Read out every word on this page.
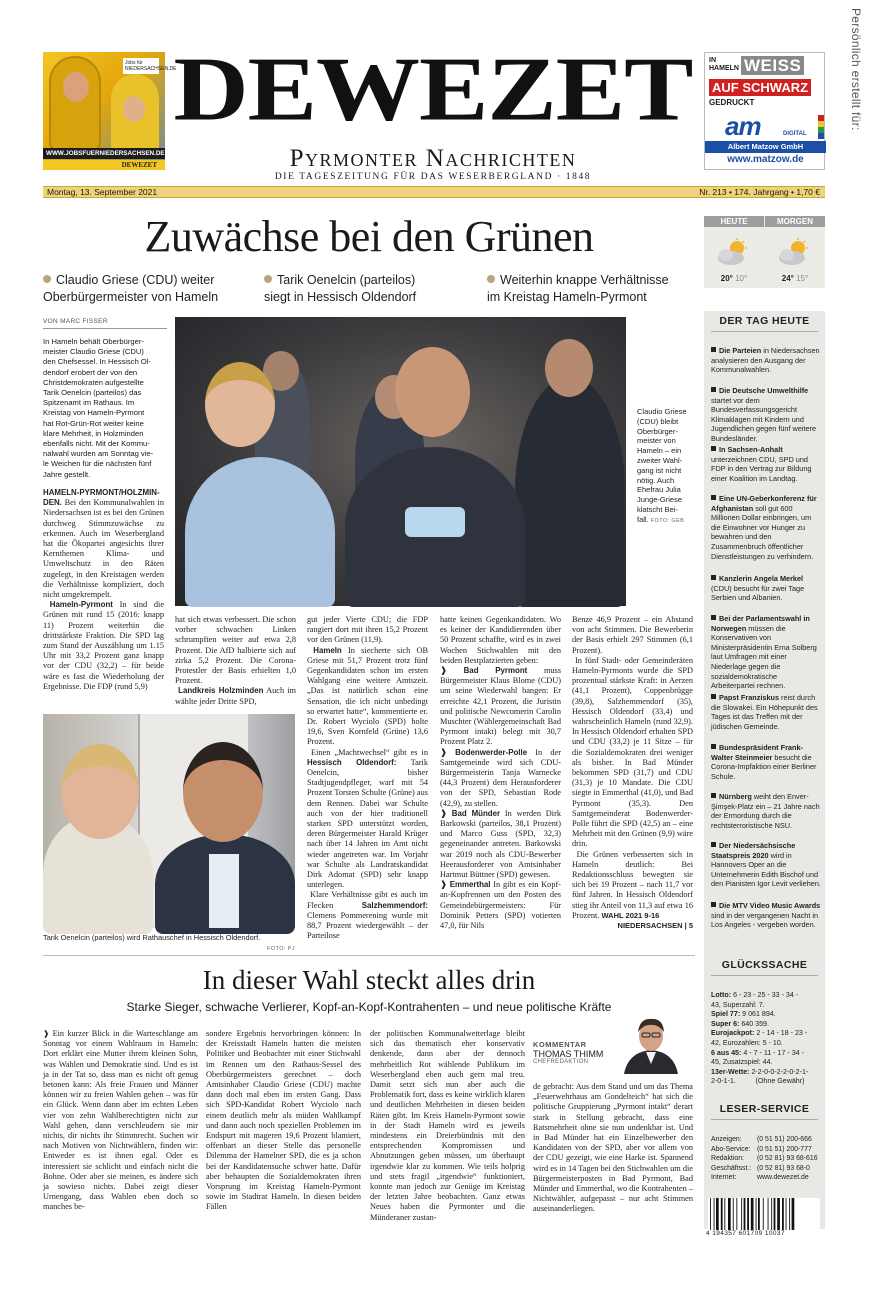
Persönlich erstellt für:
Jobs für NIEDERSACHSEN.DE
WWW.JOBSFUERNIEDERSACHSEN.DE
DEWEZET
IN HAMELN WEISS
AUF SCHWARZ
GEDRUCKT
am	DIGITAL
Albert Matzow GmbH
www.matzow.de
DEWEZET
Pyrmonter Nachrichten
DIE TAGESZEITUNG FÜR DAS WESERBERGLAND · 1848
Montag, 13. September 2021	Nr. 213 • 174. Jahrgang • 1,70 €
Zuwächse bei den Grünen
Claudio Griese (CDU) weiter
Oberbürgermeister von Hameln
Tarik Oenelcin (parteilos)
siegt in Hessisch Oldendorf
Weiterhin knappe Verhältnisse
im Kreistag Hameln-Pyrmont
VON MARC FISSER
In Hameln behält Oberbürger-
meister Claudio Griese (CDU)
den Chefsessel. In Hessisch Ol-
dendorf erobert der von den
Christdemokraten aufgestellte
Tarik Oenelcin (parteilos) das
Spitzenamt im Rathaus. Im
Kreistag von Hameln-Pyrmont
hat Rot-Grün-Rot weiter keine
klare Mehrheit, in Holzminden
ebenfalls nicht. Mit der Kommu-
nalwahl wurden am Sonntag vie-
le Weichen für die nächsten fünf
Jahre gestellt.
Claudio Griese
(CDU) bleibt
Oberbürger-
meister von
Hameln – ein
zweiter Wahl-
gang ist nicht
nötig. Auch
Ehefrau Julia
Junge-Griese
klatscht Bei-
fall. FOTO: GEB

HAMELN-PYRMONT/HOLZMIN-DEN. Bei den Kommunalwahlen in Niedersachsen ist es bei den Grünen durchweg Stimmzuwächse zu erkennen. Auch im Weserbergland hat die Ökopartei angesichts ihrer Kernthemen Klima- und Umweltschutz in den Räten zugelegt, in den Kreistagen werden die Verhältnisse kompliziert, doch nicht umgekrempelt.

Hameln-Pyrmont In sind die Grünen mit rund 15 (2016: knapp 11) Prozent weiterhin die drittstärkste Fraktion. Die SPD lag zum Stand der Auszählung um 1.15 Uhr mit 33,2 Prozent ganz knapp vor der CDU (32,2) – für beide wäre es fast die Wiederholung der Ergebnisse. Die FDP (rund 5,9)

Tarik Oenelcin (parteilos) wird Rathauschef in Hessisch Oldendorf.
FOTO: PJ

hat sich etwas verbessert. Die schon vorher schwachen Linken schrumpften weiter auf etwa 2,8 Prozent. Die AfD halbierte sich auf zirka 5,2 Prozent. Die Corona-Protestler der Basis erhielten 1,0 Prozent.

Landkreis Holzminden Auch im wählte jeder Dritte SPD,

gut jeder Vierte CDU; die FDP rangiert dort mit ihren 15,2 Prozent vor den Grünen (11,9).

Hameln In siecherte sich OB Griese mit 51,7 Prozent trotz fünf Gegenkandidaten schon im ersten Wahlgang eine weitere Amtszeit. „Das ist natürlich schon eine Sensation, die ich nicht unbedingt so erwartet hatte“, kommentierte er. Dr. Robert Wyciolo (SPD) holte 19,6, Sven Kornfeld (Grüne) 13,6 Prozent.

Einen „Machtwechsel“ gibt es in Hessisch Oldendorf: Tarik Oenelcin, bisher Stadtjugendpfleger, warf mit 54 Prozent Torsten Schulte (Grüne) aus dem Rennen. Dabei war Schulte auch von der hier traditionell starken SPD unterstützt worden, deren Bürgermeister Harald Krüger nach über 14 Jahren im Amt nicht wieder angetreten war. Im Vorjahr war Schulte als Landratskandidat Dirk Adomat (SPD) sehr knapp unterlegen.

Klare Verhältnisse gibt es auch im Flecken	Salzhemmendorf: Clemens Pommerening wurde mit 88,7 Prozent wiedergewählt – der Parteilose

hatte keinen Gegenkandidaten. Wo es keiner der Kandidierenden über 50 Prozent schaffte, wird es in zwei Wochen Stichwahlen mit den beiden Bestplatzierten geben:

❱ Bad Pyrmont muss Bürgermeister Klaus Blome (CDU) um seine Wiederwahl bangen: Er erreichte 42,1 Prozent, die Juristin und politische Newcomerin Carolin Muschter (Wählergemeinschaft Bad Pyrmont intakt) belegt mit 30,7 Prozent Platz 2.

❱ Bodenwerder-Polle In der Samtgemeinde wird sich CDU-Bürgermeisterin Tanja Warnecke (44,3 Prozent) dem Herausforderer von der SPD, Sebastian Rode (42,9), zu stellen.

❱ Bad Münder In werden Dirk Barkowski (parteilos, 38,1 Prozent) und Marco Guss (SPD, 32,3) gegeneinander antreten. Barkowski war 2019 noch als CDU-Bewerber Heerausforderer von Amtsinhaber Hartmut Büttner (SPD) gewesen.

❱ Emmerthal In gibt es ein Kopf-an-Kopfrennen um den Posten des Gemeindebürgermeisters: Für Dominik Petters (SPD) votierten 47,0, für Nils

Benze 46,9 Prozent – ein Abstand von acht Stimmen. Die Bewerberin der Basis erhielt 297 Stimmen (6,1 Prozent).

In fünf Stadt- oder Gemeinderäten Hameln-Pyrmonts wurde die SPD prozentual stärkste Kraft: in Aerzen (41,1 Prozent), Coppenbrügge (39,8), Salzhemmendorf (35), Hessisch Oldendorf (33,4) und wahrscheinlich Hameln (rund 32,9). In Hessisch Oldendorf erhalten SPD und CDU (33,2) je 11 Sitze – für die Sozialdemokraten drei weniger als bisher. In Bad Münder bekommen SPD (31,7) und CDU (31,3) je 10 Mandate. Die CDU siegte in Emmerthal (41,0), und Bad Pyrmont (35,3). Den Samtgemeinderat Bodenwerder-Polle führt die SPD (42,5) an – eine Mehrheit mit den Grünen (9,9) wäre drin.

Die Grünen verbesserten sich in Hameln deutlich: Bei Redaktionsschluss bewegten sie sich bei 19 Prozent – nach 11,7 vor fünf Jahren. In Hessisch Oldendorf stieg ihr Anteil von 11,3 auf etwa 16 Prozent. WAHL 2021 9-16

NIEDERSACHSEN | 5

HEUTE	MORGEN
20° 10°	24° 15°
DER TAG HEUTE
Die Parteien in Niedersachsen analysieren den Ausgang der Kommunalwahlen.
Die Deutsche Umwelthilfe startet vor dem Bundesverfassungsgericht Klimaklagen mit Kindern und Jugendlichen gegen fünf weitere Bundesländer.
In Sachsen-Anhalt unterzeichnen CDU, SPD und FDP in den Vertrag zur Bildung einer Koalition im Landtag.
Eine UN-Geberkonferenz für Afghanistan soll gut 600 Millionen Dollar einbringen, um die Einwohner vor Hunger zu bewahren und den Zusammenbruch öffentlicher Dienstleistungen zu verhindern.
Kanzlerin Angela Merkel (CDU) besucht für zwei Tage Serbien und Albanien.
Bei der Parlamentswahl in Norwegen müssen die Konservativen von Ministerpräsidentin Erna Solberg laut Umfragen mit einer Niederlage gegen die sozialdemokratische Arbeiterpartei rechnen.
Papst Franziskus reist durch die Slowakei. Ein Höhepunkt des Tages ist das Treffen mit der jüdischen Gemeinde.
Bundespräsident Frank-Walter Steinmeier besucht die Corona-Impfaktion einer Berliner Schule.
Nürnberg weiht den Enver-Şimşek-Platz ein – 21 Jahre nach der Ermordung durch die rechtsterroristische NSU.
Der Niedersächsische Staatspreis 2020 wird in Hannovers Oper an die Unternehmerin Edith Bischof und den Pianisten Igor Levit verliehen.
Die MTV Video Music Awards sind in der vergangenen Nacht in Los Angeles - vergeben worden.
GLÜCKSSACHE
Lotto: 6 - 23 - 25 - 33 - 34 -
43, Superzahl: 7.
Spiel 77: 9 061 894.
Super 6: 640 359.
Eurojackpot: 2 - 14 - 18 - 23 -
42, Eurozahlen: 5 - 10.
6 aus 45: 4 - 7 - 11 - 17 - 34 -
45, Zusatzspiel: 44.
13er-Wette: 2-2-0-0-2-2-0-2-1-
2-0-1-1.          (Ohne Gewähr)
LESER-SERVICE
Anzeigen:	(0 51 51) 200-666
Abo-Service: (0 51 51) 200-777
Redaktion:	(0 52 81) 93 68-616
Geschäftsst.: (0 52 81) 93 68-0
Internet:	www.dewezet.de
4 194357 601709 10037
In dieser Wahl steckt alles drin
Starke Sieger, schwache Verlierer, Kopf-an-Kopf-Kontrahenten – und neue politische Kräfte

❱ Ein kurzer Blick in die Warteschlange am Sonntag vor einem Wahlraum in Hameln: Dort erklärt eine Mutter ihrem kleinen Sohn, was Wahlen und Demokratie sind. Und es ist ja in der Tat so, dass man es nicht oft genug betonen kann: Als freie Frauen und Männer können wir zu freien Wahlen gehen – was für ein Glück. Wenn dann aber im echten Leben vier von zehn Wahlberechtigten nicht zur Wahl gehen, dann verschleudern sie mir nichts, dir nichts ihr Stimmrecht. Suchen wir nach Motiven von Nichtwählern, finden wir: Entweder es ist ihnen egal. Oder es interessiert sie schlicht und einfach nicht die Bohne. Oder aber sie meinen, es ändere sich ja sowieso nichts. Dabei zeigt dieser Urnengang, dass Wahlen eben doch so manches be-

sondere Ergebnis hervorbringen können: In der Kreisstadt Hameln hatten die meisten Politiker und Beobachter mit einer Stichwahl im Rennen um den Rathaus-Sessel des Oberbürgermeisters gerechnet – doch Amtsinhaber Claudio Griese (CDU) machte dann doch mal eben im ersten Gang. Dass sich SPD-Kandidat Robert Wyciolo nach einem deutlich mehr als müden Wahlkampf und dann auch noch speziellen Problemen im Endspurt mit mageren 19,6 Prozent blamiert, offenbart an dieser Stelle das personelle Dilemma der Hamelner SPD, die es ja schon bei der Kandidatensuche schwer hatte. Dafür aber behaupten die Sozialdemokraten ihren Vorsprung im Kreistag Hameln-Pyrmont sowie im Stadtrat Hameln. In diesen beiden Fällen

der politischen Kommunalwetterlage bleibt sich das thematisch eher konservativ denkende, dann aber der dennoch mehrheitlich Rot wählende Publikum im Weserbergland eben auch gern mal treu. Damit setzt sich nun aber auch die Problematik fort, dass es keine wirklich klaren und deutlichen Mehrheiten in diesen beiden Räten gibt. Im Kreis Hameln-Pyrmont sowie in der Stadt Hameln wird es jeweils mindestens ein Dreierbündnis mit den entsprechenden Kompromissen und Abnutzungen geben müssen, um überhaupt irgendwie klar zu kommen. Wie teils holprig und stets fragil „irgendwie“ funktioniert, konnte man jedoch zur Genüge im Kreistag der letzten Jahre beobachten. Ganz etwas Neues haben die Pyrmonter und die Münderaner zustan-

KOMMENTAR
THOMAS THIMM
CHEFREDAKTION

de gebracht: Aus dem Stand und um das Thema „Feuerwehrhaus am Gondelteich“ hat sich die politische Gruppierung „Pyrmont intakt“ derart stark in Stellung gebracht, dass eine Ratsmehrheit ohne sie nun undenkbar ist. Und in Bad Münder hat ein Einzelbewerber den Kandidaten von der SPD, aber vor allem von der CDU gezeigt, wie eine Harke ist. Spannend wird es in 14 Tagen bei den Stichwahlen um die Bürgermeisterposten in Bad Pyrmont, Bad Münder und Emmerthal, wo die Kontrahenten – Nichtwähler, aufgepasst – nur acht Stimmen auseinanderliegen.
